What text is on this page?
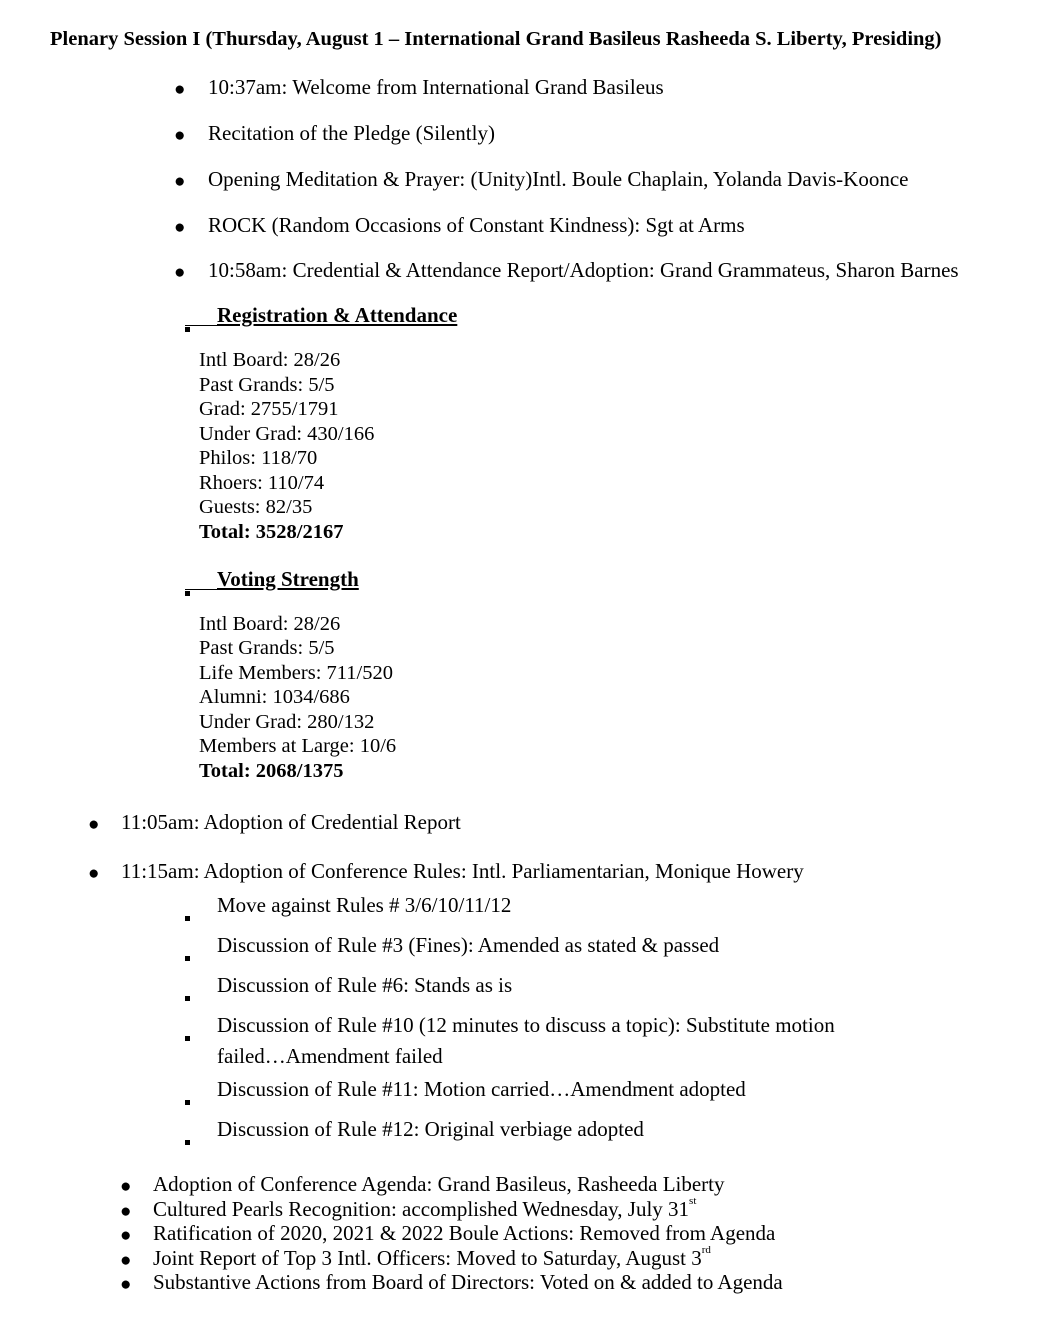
Plenary Session I (Thursday, August 1 – International Grand Basileus Rasheeda S. Liberty, Presiding)
● 10:37am: Welcome from International Grand Basileus
● Recitation of the Pledge (Silently)
● Opening Meditation & Prayer: (Unity)Intl. Boule Chaplain, Yolanda Davis-Koonce
● ROCK (Random Occasions of Constant Kindness): Sgt at Arms
● 10:58am: Credential & Attendance Report/Adoption: Grand Grammateus, Sharon Barnes
Registration & Attendance
Intl Board: 28/26
Past Grands: 5/5
Grad: 2755/1791
Under Grad: 430/166
Philos: 118/70
Rhoers: 110/74
Guests: 82/35
Total: 3528/2167
Voting Strength
Intl Board: 28/26
Past Grands: 5/5
Life Members: 711/520
Alumni: 1034/686
Under Grad: 280/132
Members at Large: 10/6
Total: 2068/1375
● 11:05am: Adoption of Credential Report
● 11:15am: Adoption of Conference Rules: Intl. Parliamentarian, Monique Howery
Move against Rules # 3/6/10/11/12
Discussion of Rule #3 (Fines): Amended as stated & passed
Discussion of Rule #6: Stands as is
Discussion of Rule #10 (12 minutes to discuss a topic): Substitute motion
failed…Amendment failed
Discussion of Rule #11: Motion carried…Amendment adopted
Discussion of Rule #12: Original verbiage adopted
● Adoption of Conference Agenda: Grand Basileus, Rasheeda Liberty
● Cultured Pearls Recognition: accomplished Wednesday, July 31st
● Ratification of 2020, 2021 & 2022 Boule Actions: Removed from Agenda
● Joint Report of Top 3 Intl. Officers: Moved to Saturday, August 3rd
● Substantive Actions from Board of Directors: Voted on & added to Agenda
